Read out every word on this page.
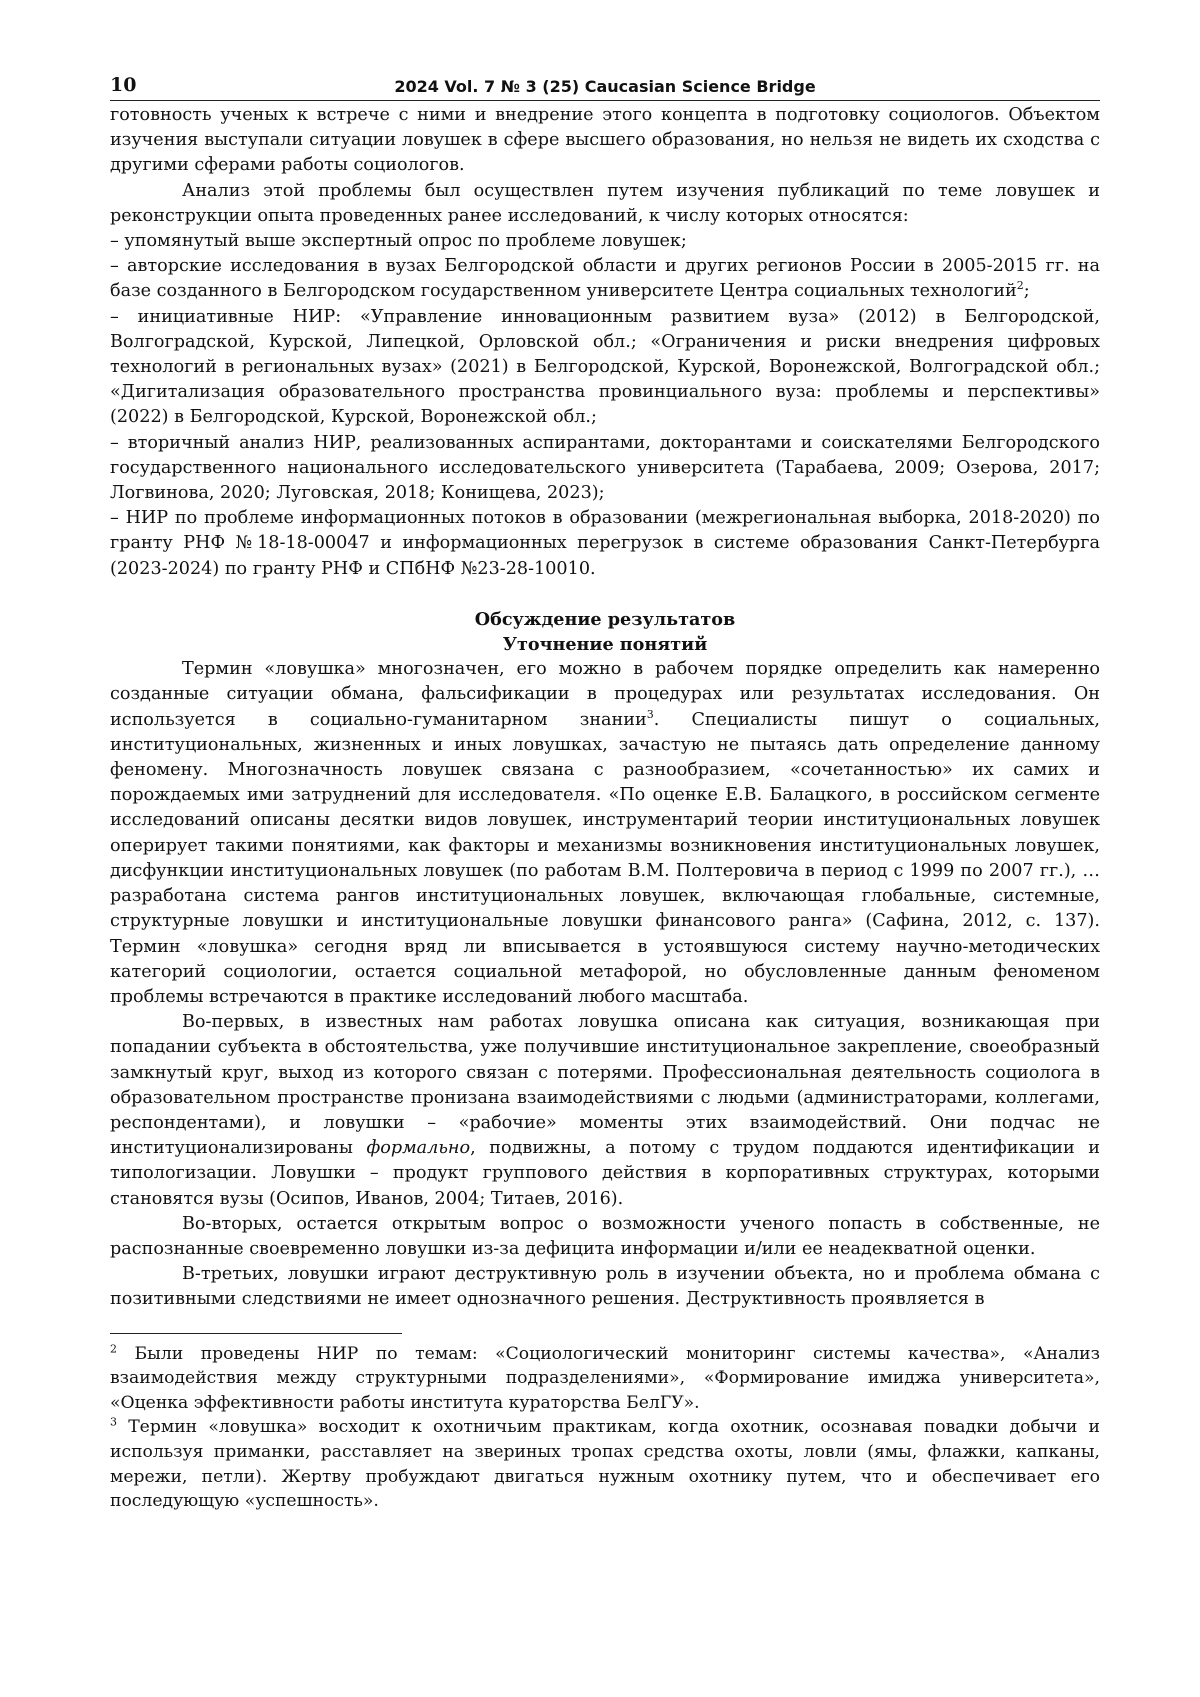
10	2024 Vol. 7 № 3 (25) Caucasian Science Bridge

готовность ученых к встрече с ними и внедрение этого концепта в подготовку социологов. Объектом изучения выступали ситуации ловушек в сфере высшего образования, но нельзя не видеть их сходства с другими сферами работы социологов.

Анализ этой проблемы был осуществлен путем изучения публикаций по теме ловушек и реконструкции опыта проведенных ранее исследований, к числу которых относятся:

– упомянутый выше экспертный опрос по проблеме ловушек;

– авторские исследования в вузах Белгородской области и других регионов России в 2005-2015 гг. на базе созданного в Белгородском государственном университете Центра социальных технологий$^2$;

– инициативные НИР: «Управление инновационным развитием вуза» (2012) в Белгородской, Волгоградской, Курской, Липецкой, Орловской обл.; «Ограничения и риски внедрения цифровых технологий в региональных вузах» (2021) в Белгородской, Курской, Воронежской, Волгоградской обл.; «Дигитализация образовательного пространства провинциального вуза: проблемы и перспективы» (2022) в Белгородской, Курской, Воронежской обл.;

– вторичный анализ НИР, реализованных аспирантами, докторантами и соискателями Белгородского государственного национального исследовательского университета (Тарабаева, 2009; Озерова, 2017; Логвинова, 2020; Луговская, 2018; Конищева, 2023);

– НИР по проблеме информационных потоков в образовании (межрегиональная выборка, 2018-2020) по гранту РНФ №18-18-00047 и информационных перегрузок в системе образования Санкт-Петербурга (2023-2024) по гранту РНФ и СПбНФ №23-28-10010.

Обсуждение результатов
Уточнение понятий

Термин «ловушка» многозначен, его можно в рабочем порядке определить как намеренно созданные ситуации обмана, фальсификации в процедурах или результатах исследования. Он используется в социально-гуманитарном знании$^3$. Специалисты пишут о социальных, институциональных, жизненных и иных ловушках, зачастую не пытаясь дать определение данному феномену. Многозначность ловушек связана с разнообразием, «сочетанностью» их самих и порождаемых ими затруднений для исследователя. «По оценке Е.В. Балацкого, в российском сегменте исследований описаны десятки видов ловушек, инструментарий теории институциональных ловушек оперирует такими понятиями, как факторы и механизмы возникновения институциональных ловушек, дисфункции институциональных ловушек (по работам В.М. Полтеровича в период с 1999 по 2007 гг.), … разработана система рангов институциональных ловушек, включающая глобальные, системные, структурные ловушки и институциональные ловушки финансового ранга» (Сафина, 2012, с. 137). Термин «ловушка» сегодня вряд ли вписывается в устоявшуюся систему научно-методических категорий социологии, остается социальной метафорой, но обусловленные данным феноменом проблемы встречаются в практике исследований любого масштаба.

Во-первых, в известных нам работах ловушка описана как ситуация, возникающая при попадании субъекта в обстоятельства, уже получившие институциональное закрепление, своеобразный замкнутый круг, выход из которого связан с потерями. Профессиональная деятельность социолога в образовательном пространстве пронизана взаимодействиями с людьми (администраторами, коллегами, респондентами), и ловушки – «рабочие» моменты этих взаимодействий. Они подчас не институционализированы формально, подвижны, а потому с трудом поддаются идентификации и типологизации. Ловушки – продукт группового действия в корпоративных структурах, которыми становятся вузы (Осипов, Иванов, 2004; Титаев, 2016).

Во-вторых, остается открытым вопрос о возможности ученого попасть в собственные, не распознанные своевременно ловушки из-за дефицита информации и/или ее неадекватной оценки.

В-третьих, ловушки играют деструктивную роль в изучении объекта, но и проблема обмана с позитивными следствиями не имеет однозначного решения. Деструктивность проявляется в

$^2$ Были проведены НИР по темам: «Социологический мониторинг системы качества», «Анализ взаимодействия между структурными подразделениями», «Формирование имиджа университета», «Оценка эффективности работы института кураторства БелГУ».

$^3$ Термин «ловушка» восходит к охотничьим практикам, когда охотник, осознавая повадки добычи и используя приманки, расставляет на звериных тропах средства охоты, ловли (ямы, флажки, капканы, мережи, петли). Жертву пробуждают двигаться нужным охотнику путем, что и обеспечивает его последующую «успешность».
